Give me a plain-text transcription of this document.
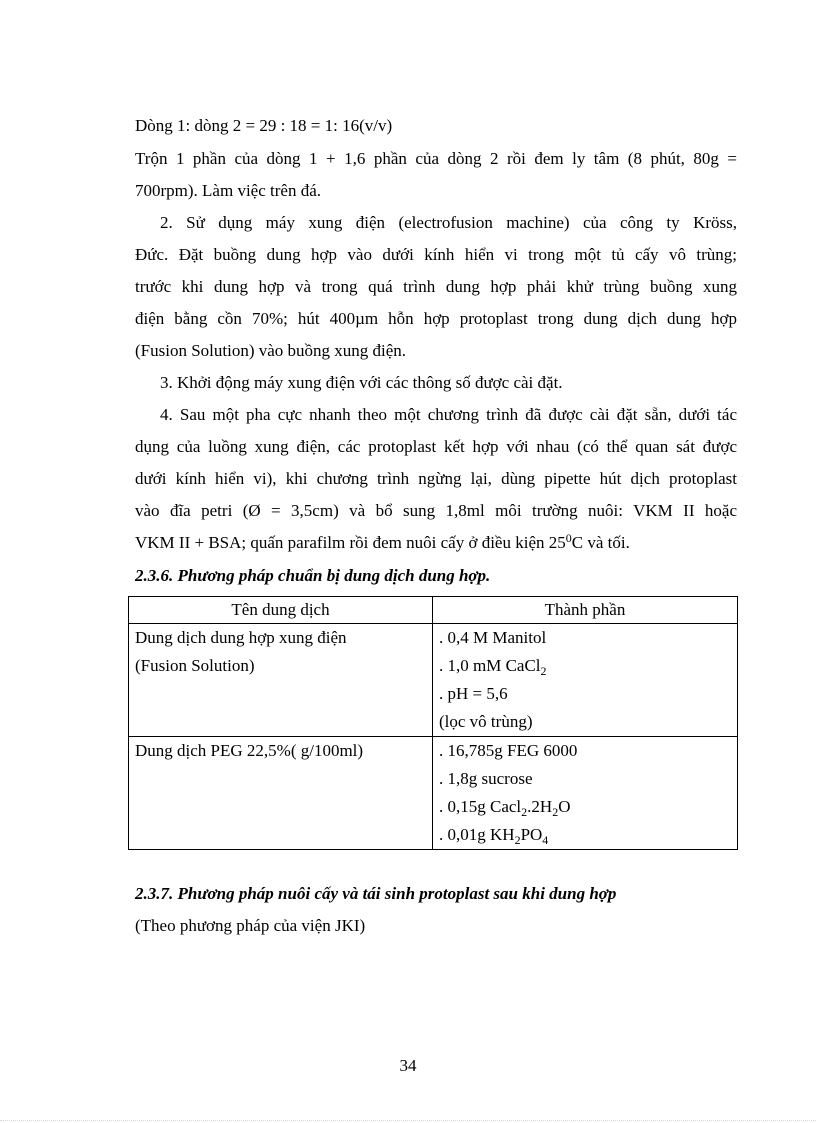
Dòng 1: dòng 2 = 29 : 18 = 1: 16(v/v)
Trộn 1 phần của dòng 1 + 1,6 phần của dòng 2 rồi đem ly tâm (8 phút, 80g =
700rpm). Làm việc trên đá.
2. Sử dụng máy xung điện (electrofusion machine) của công ty Kröss,
Đức. Đặt buồng dung hợp vào dưới kính hiển vi trong một tủ cấy vô trùng;
trước khi dung hợp và trong quá trình dung hợp phải khử trùng buồng xung
điện bằng cồn 70%; hút 400µm hỗn hợp protoplast trong dung dịch dung hợp
(Fusion Solution) vào buồng xung điện.
3. Khởi động máy xung điện với các thông số được cài đặt.
4. Sau một pha cực nhanh theo một chương trình đã được cài đặt sẵn, dưới tác
dụng của luồng xung điện, các protoplast kết hợp với nhau (có thể quan sát được
dưới kính hiển vi), khi chương trình ngừng lại, dùng pipette hút dịch protoplast
vào đĩa petri (Ø = 3,5cm) và bổ sung 1,8ml môi trường nuôi: VKM II hoặc
VKM II + BSA; quấn parafilm rồi đem nuôi cấy ở điều kiện $25^0C$ và tối.
2.3.6. Phương pháp chuẩn bị dung dịch dung hợp.
Tên dung dịch	Thành phần

Dung dịch dung hợp xung điện
(Fusion Solution)	. 0,4 M Manitol
. 1,0 mM CaCl$_2$
. pH = 5,6
(lọc vô trùng)

Dung dịch PEG 22,5%( g/100ml)	. 16,785g FEG 6000
. 1,8g sucrose
. 0,15g $Cacl_2.2H_2O$
. 0,01g $KH_2PO_4$
2.3.7. Phương pháp nuôi cấy và tái sinh protoplast sau khi dung hợp
(Theo phương pháp của viện JKI)
34
